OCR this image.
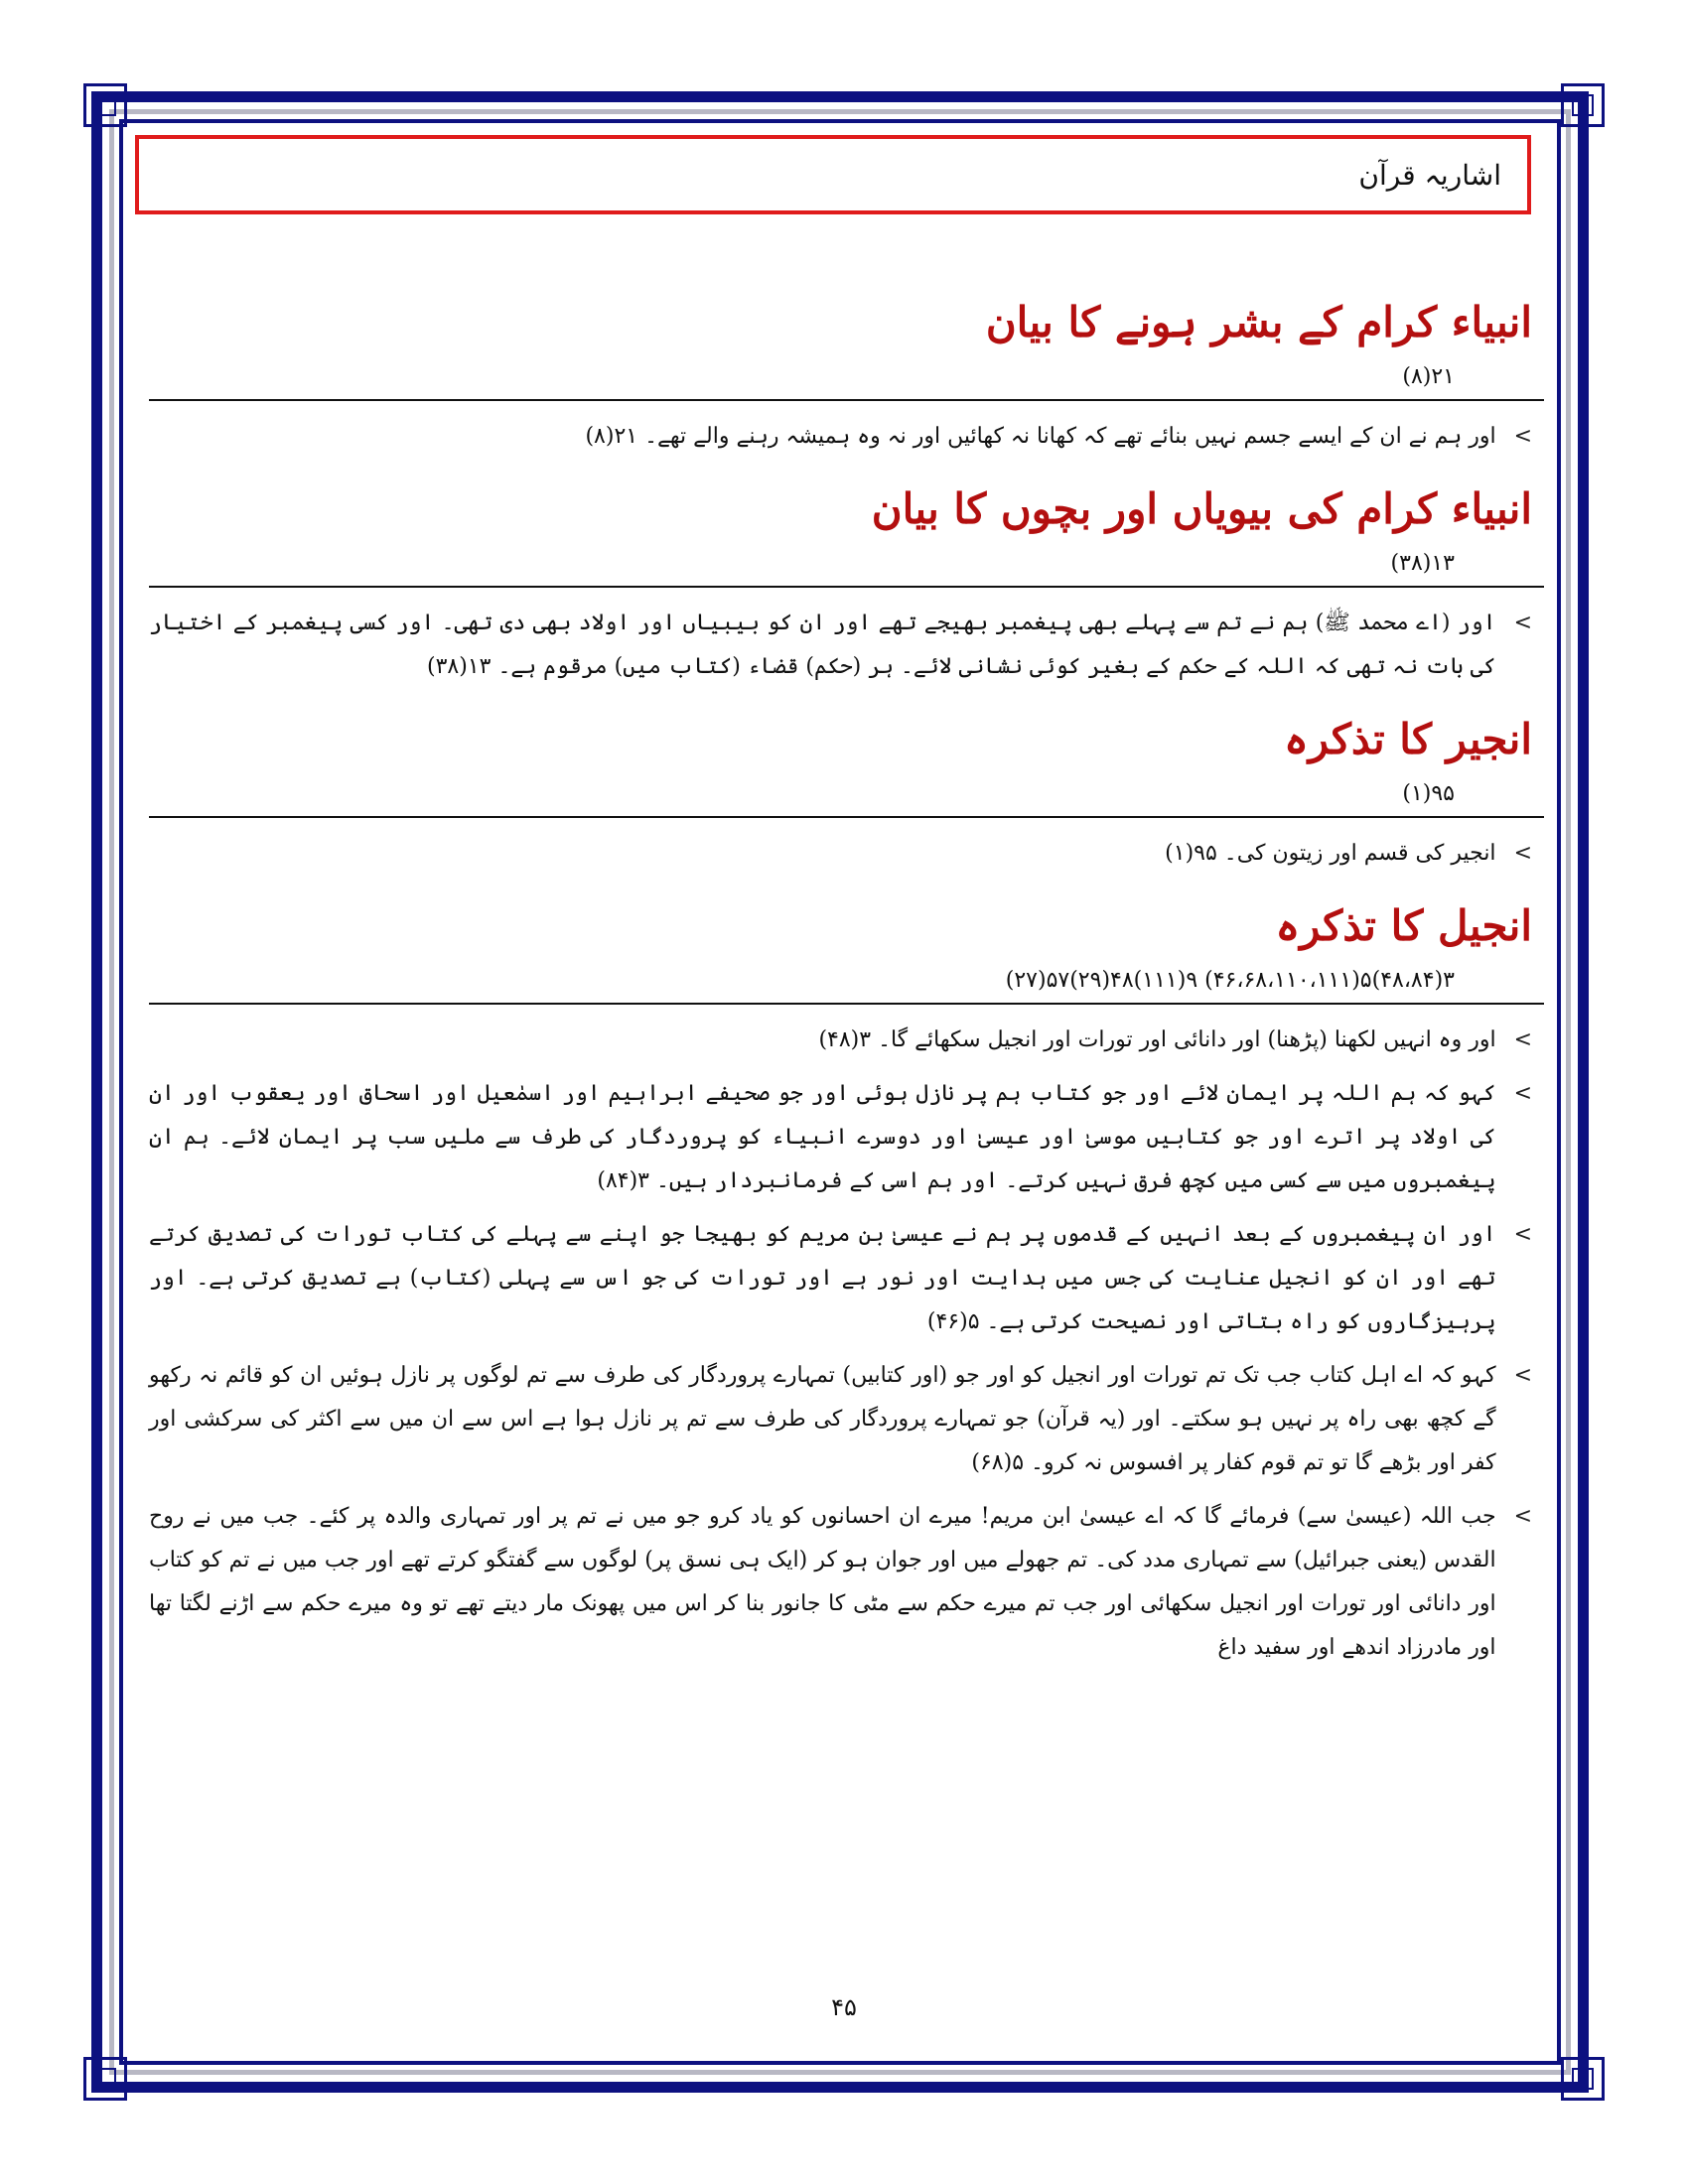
اشاریہ قرآن
انبیاء کرام کے بشر ہونے کا بیان
۲۱(۸)
>
اور ہم نے ان کے ایسے جسم نہیں بنائے تھے کہ کھانا نہ کھائیں اور نہ وہ ہمیشہ رہنے والے تھے۔ ۲۱(۸)
انبیاء کرام کی بیویاں اور بچوں کا بیان
۱۳(۳۸)
>
اور (اے محمد ﷺ) ہم نے تم سے پہلے بھی پیغمبر بھیجے تھے اور ان کو بیبیاں اور اولاد بھی دی تھی۔ اور کسی پیغمبر کے اختیار کی بات نہ تھی کہ اللہ کے حکم کے بغیر کوئی نشانی لائے۔ ہر (حکم) قضاء (کتاب میں) مرقوم ہے۔ ۱۳(۳۸)
انجیر کا تذکرہ
۹۵(۱)
>
انجیر کی قسم اور زیتون کی۔ ۹۵(۱)
انجیل کا تذکرہ
۳(۴۸،۸۴)۵(۴۶،۶۸،۱۱۰،۱۱۱) ۹(۱۱۱)۴۸(۲۹)۵۷(۲۷)
>
اور وہ انہیں لکھنا (پڑھنا) اور دانائی اور تورات اور انجیل سکھائے گا۔ ۳(۴۸)
>
کہو کہ ہم اللہ پر ایمان لائے اور جو کتاب ہم پر نازل ہوئی اور جو صحیفے ابراہیم اور اسمٰعیل اور اسحاق اور یعقوب اور ان کی اولاد پر اترے اور جو کتابیں موسیٰ اور عیسیٰ اور دوسرے انبیاء کو پروردگار کی طرف سے ملیں سب پر ایمان لائے۔ ہم ان پیغمبروں میں سے کسی میں کچھ فرق نہیں کرتے۔ اور ہم اسی کے فرمانبردار ہیں۔ ۳(۸۴)
>
اور ان پیغمبروں کے بعد انہیں کے قدموں پر ہم نے عیسیٰ بن مریم کو بھیجا جو اپنے سے پہلے کی کتاب تورات کی تصدیق کرتے تھے اور ان کو انجیل عنایت کی جس میں ہدایت اور نور ہے اور تورات کی جو اس سے پہلی (کتاب) ہے تصدیق کرتی ہے۔ اور پرہیزگاروں کو راہ بتاتی اور نصیحت کرتی ہے۔ ۵(۴۶)
>
کہو کہ اے اہل کتاب جب تک تم تورات اور انجیل کو اور جو (اور کتابیں) تمہارے پروردگار کی طرف سے تم لوگوں پر نازل ہوئیں ان کو قائم نہ رکھو گے کچھ بھی راہ پر نہیں ہو سکتے۔ اور (یہ قرآن) جو تمہارے پروردگار کی طرف سے تم پر نازل ہوا ہے اس سے ان میں سے اکثر کی سرکشی اور کفر اور بڑھے گا تو تم قوم کفار پر افسوس نہ کرو۔ ۵(۶۸)
>
جب اللہ (عیسیٰ سے) فرمائے گا کہ اے عیسیٰ ابن مریم! میرے ان احسانوں کو یاد کرو جو میں نے تم پر اور تمہاری والدہ پر کئے۔ جب میں نے روح القدس (یعنی جبرائیل) سے تمہاری مدد کی۔ تم جھولے میں اور جوان ہو کر (ایک ہی نسق پر) لوگوں سے گفتگو کرتے تھے اور جب میں نے تم کو کتاب اور دانائی اور تورات اور انجیل سکھائی اور جب تم میرے حکم سے مٹی کا جانور بنا کر اس میں پھونک مار دیتے تھے تو وہ میرے حکم سے اڑنے لگتا تھا اور مادرزاد اندھے اور سفید داغ
۴۵
